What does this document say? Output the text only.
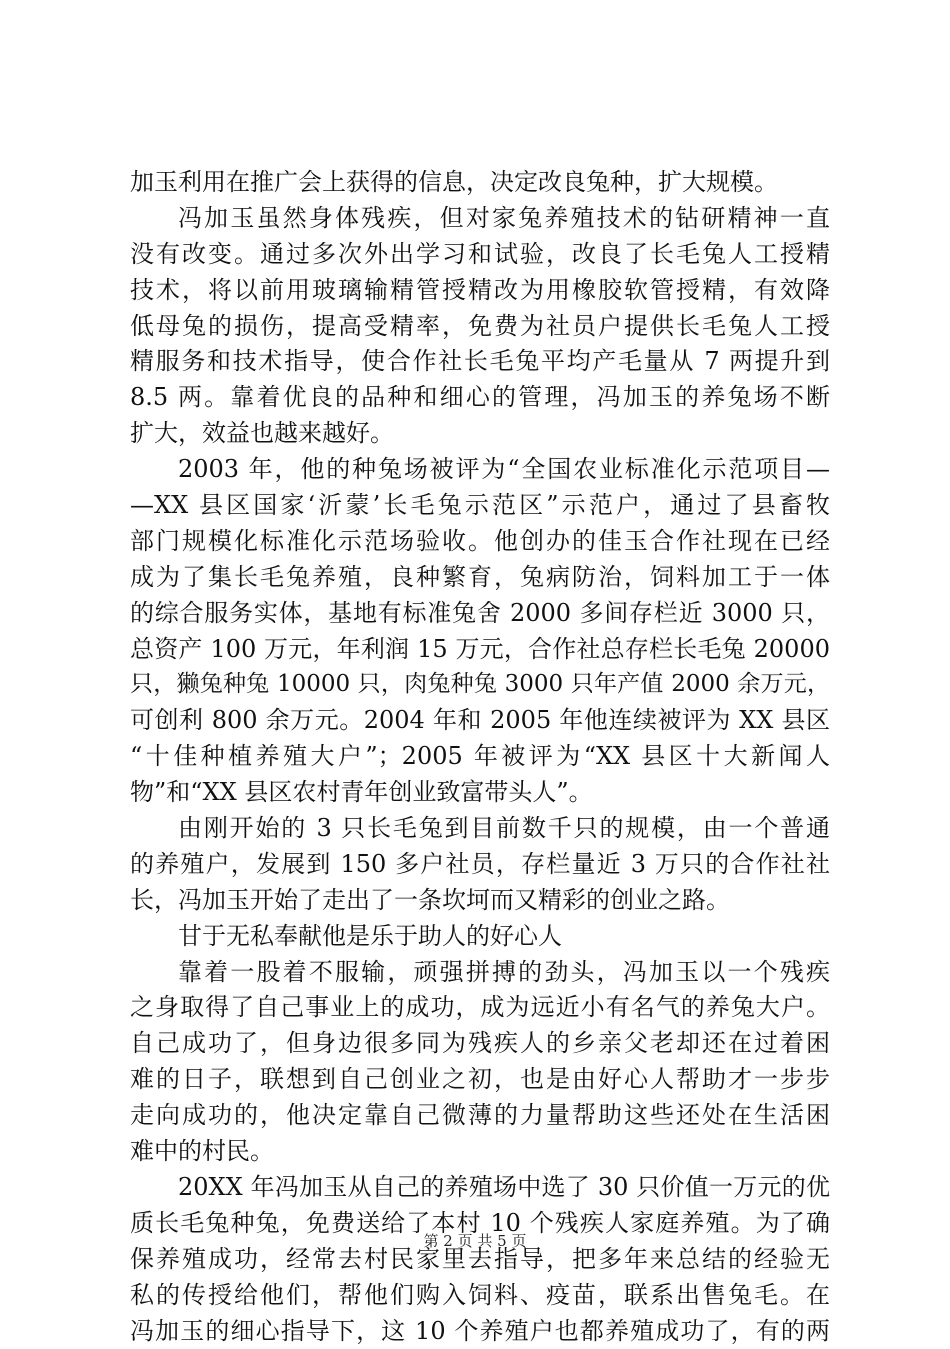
加玉利用在推广会上获得的信息，决定改良兔种，扩大规模。
冯加玉虽然身体残疾，但对家兔养殖技术的钻研精神一直
没有改变。通过多次外出学习和试验，改良了长毛兔人工授精
技术，将以前用玻璃输精管授精改为用橡胶软管授精，有效降
低母兔的损伤，提高受精率，免费为社员户提供长毛兔人工授
精服务和技术指导，使合作社长毛兔平均产毛量从 7 两提升到
8.5 两。靠着优良的品种和细心的管理，冯加玉的养兔场不断
扩大，效益也越来越好。
2003 年，他的种兔场被评为“全国农业标准化示范项目—
—XX 县区国家‘沂蒙’长毛兔示范区”示范户，通过了县畜牧
部门规模化标准化示范场验收。他创办的佳玉合作社现在已经
成为了集长毛兔养殖，良种繁育，兔病防治，饲料加工于一体
的综合服务实体，基地有标准兔舍 2000 多间存栏近 3000 只，
总资产 100 万元，年利润 15 万元，合作社总存栏长毛兔 20000
只，獭兔种兔 10000 只，肉兔种兔 3000 只年产值 2000 余万元，
可创利 800 余万元。2004 年和 2005 年他连续被评为 XX 县区
“十佳种植养殖大户”；2005 年被评为“XX 县区十大新闻人
物”和“XX 县区农村青年创业致富带头人”。
由刚开始的 3 只长毛兔到目前数千只的规模，由一个普通
的养殖户，发展到 150 多户社员，存栏量近 3 万只的合作社社
长，冯加玉开始了走出了一条坎坷而又精彩的创业之路。
甘于无私奉献他是乐于助人的好心人
靠着一股着不服输，顽强拼搏的劲头，冯加玉以一个残疾
之身取得了自己事业上的成功，成为远近小有名气的养兔大户。
自己成功了，但身边很多同为残疾人的乡亲父老却还在过着困
难的日子，联想到自己创业之初，也是由好心人帮助才一步步
走向成功的，他决定靠自己微薄的力量帮助这些还处在生活困
难中的村民。
20XX 年冯加玉从自己的养殖场中选了 30 只价值一万元的优
质长毛兔种兔，免费送给了本村 10 个残疾人家庭养殖。为了确
保养殖成功，经常去村民家里去指导，把多年来总结的经验无
私的传授给他们，帮他们购入饲料、疫苗，联系出售兔毛。在
冯加玉的细心指导下，这 10 个养殖户也都养殖成功了，有的两
第 2 页 共 5 页
